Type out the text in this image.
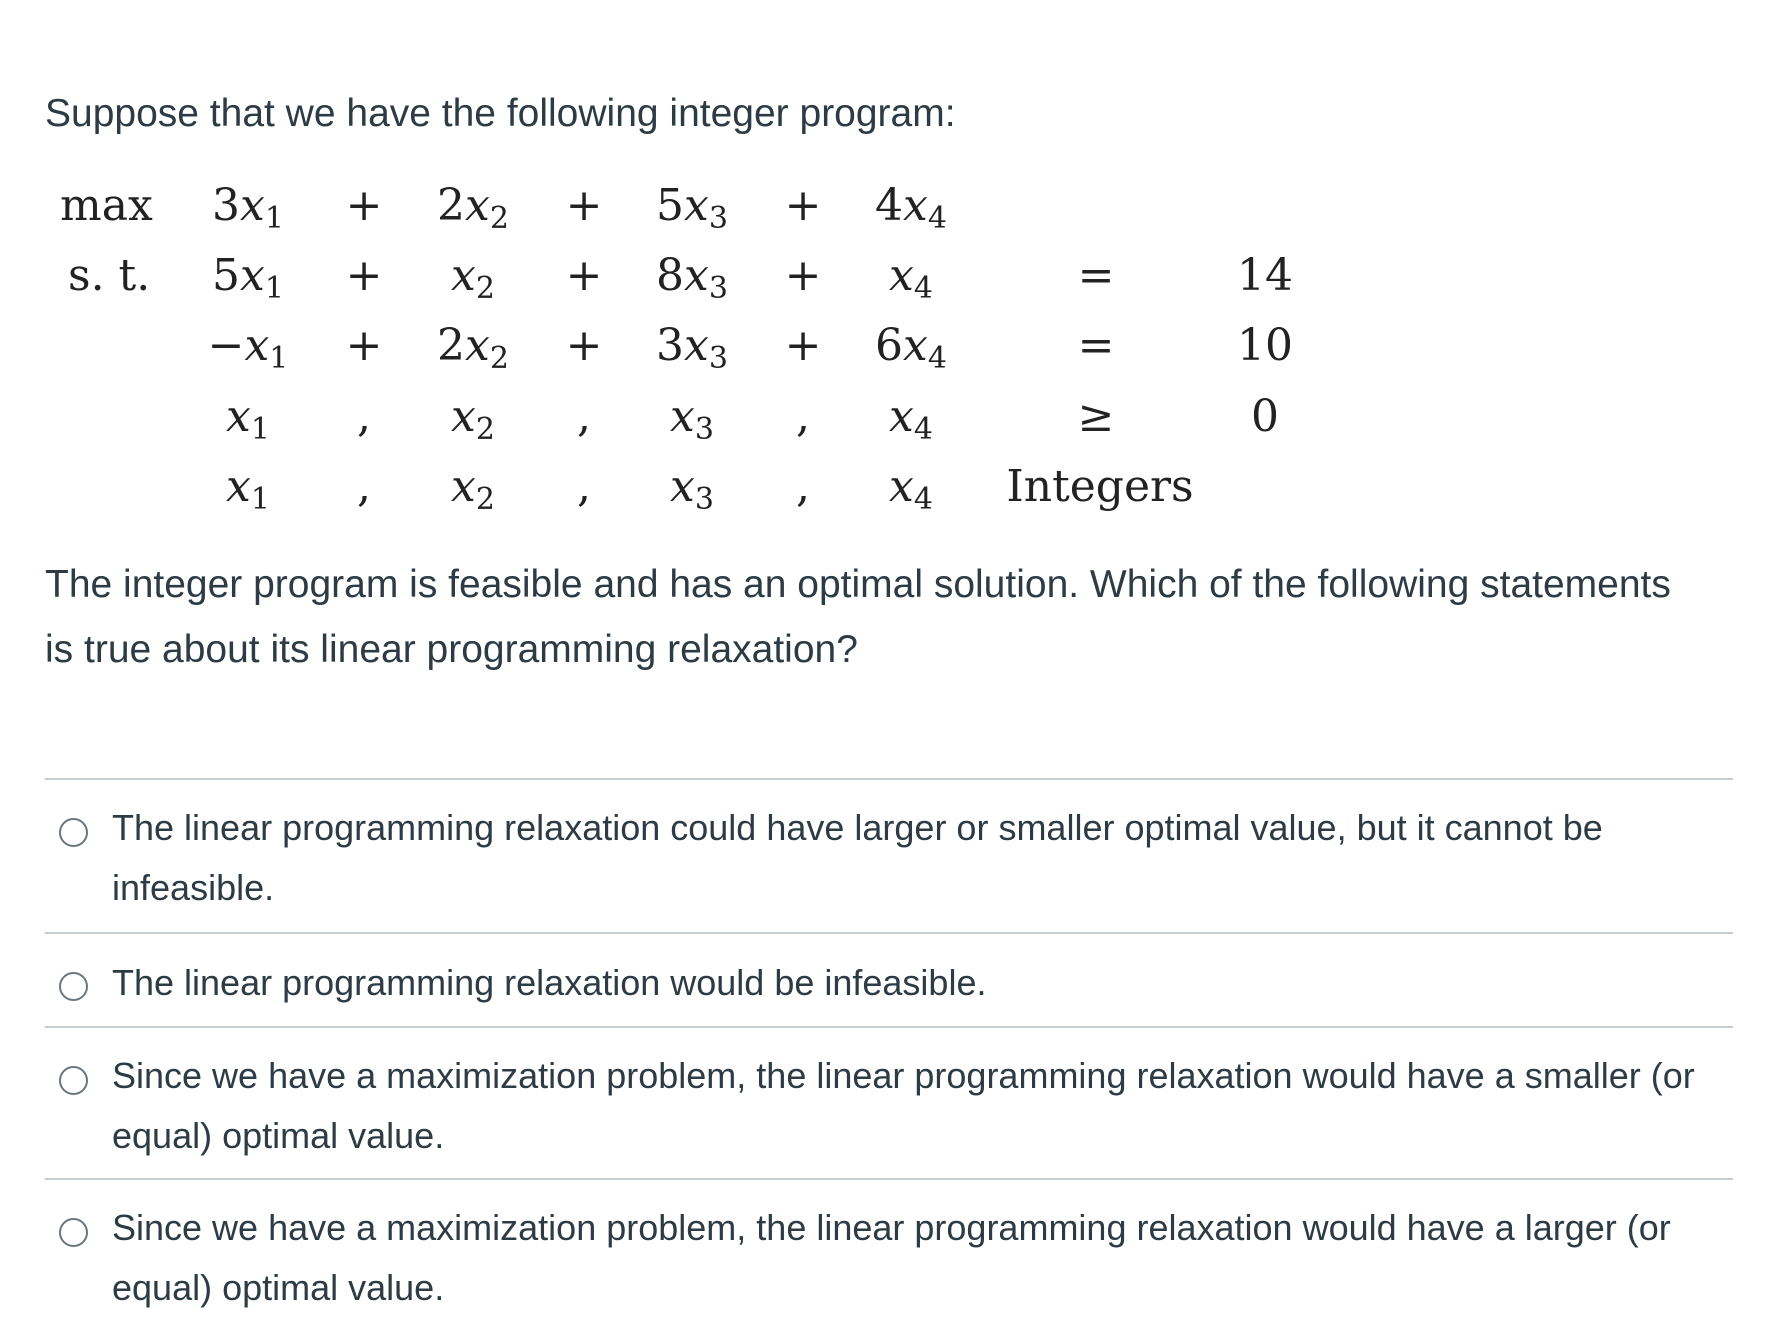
Suppose that we have the following integer program:
$\max 3x_1 + 2x_2 + 5x_3 + 4x_4$
s. t. $5x_1 + x_2 + 8x_3 + x_4$	=	14
$-x_1 + 2x_2 + 3x_3 + 6x_4$	=	10
$x_1$ , $x_2$ , $x_3$ , $x_4$	≥	0
$x_1$ , $x_2$ , $x_3$ , $x_4$ Integers
The integer program is feasible and has an optimal solution. Which of the following statements is true about its linear programming relaxation?
The linear programming relaxation could have larger or smaller optimal value, but it cannot be infeasible.
The linear programming relaxation would be infeasible.
Since we have a maximization problem, the linear programming relaxation would have a smaller (or equal) optimal value.
Since we have a maximization problem, the linear programming relaxation would have a larger (or equal) optimal value.
